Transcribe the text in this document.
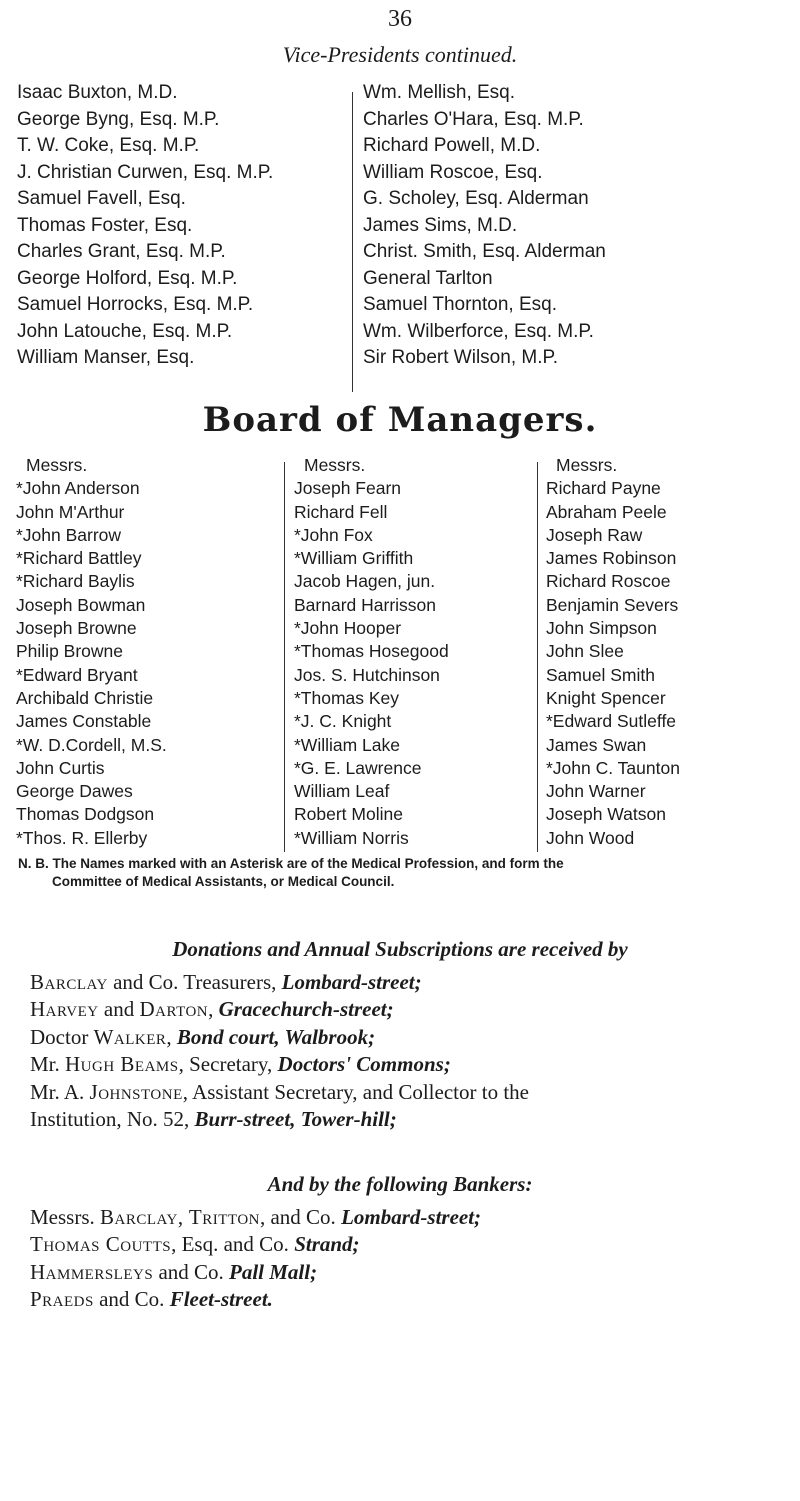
36
Vice-Presidents continued.
Isaac Buxton, M.D.
George Byng, Esq. M.P.
T. W. Coke, Esq. M.P.
J. Christian Curwen, Esq. M.P.
Samuel Favell, Esq.
Thomas Foster, Esq.
Charles Grant, Esq. M.P.
George Holford, Esq. M.P.
Samuel Horrocks, Esq. M.P.
John Latouche, Esq. M.P.
William Manser, Esq.
Wm. Mellish, Esq.
Charles O'Hara, Esq. M.P.
Richard Powell, M.D.
William Roscoe, Esq.
G. Scholey, Esq. Alderman
James Sims, M.D.
Christ. Smith, Esq. Alderman
General Tarlton
Samuel Thornton, Esq.
Wm. Wilberforce, Esq. M.P.
Sir Robert Wilson, M.P.
Board of Managers.
Messrs.
*John Anderson
John M'Arthur
*John Barrow
*Richard Battley
*Richard Baylis
Joseph Bowman
Joseph Browne
Philip Browne
*Edward Bryant
Archibald Christie
James Constable
*W. D.Cordell, M.S.
John Curtis
George Dawes
Thomas Dodgson
*Thos. R. Ellerby
Messrs.
Joseph Fearn
Richard Fell
*John Fox
*William Griffith
Jacob Hagen, jun.
Barnard Harrisson
*John Hooper
*Thomas Hosegood
Jos. S. Hutchinson
*Thomas Key
*J. C. Knight
*William Lake
*G. E. Lawrence
William Leaf
Robert Moline
*William Norris
Messrs.
Richard Payne
Abraham Peele
Joseph Raw
James Robinson
Richard Roscoe
Benjamin Severs
John Simpson
John Slee
Samuel Smith
Knight Spencer
*Edward Sutleffe
James Swan
*John C. Taunton
John Warner
Joseph Watson
John Wood
N. B. The Names marked with an Asterisk are of the Medical Profession, and form the
Committee of Medical Assistants, or Medical Council.
Donations and Annual Subscriptions are received by
Barclay and Co. Treasurers, Lombard-street;
Harvey and Darton, Gracechurch-street;
Doctor Walker, Bond court, Walbrook;
Mr. Hugh Beams, Secretary, Doctors' Commons;
Mr. A. Johnstone, Assistant Secretary, and Collector to the
Institution, No. 52, Burr-street, Tower-hill;
And by the following Bankers:
Messrs. Barclay, Tritton, and Co. Lombard-street;
Thomas Coutts, Esq. and Co. Strand;
Hammersleys and Co. Pall Mall;
Praeds and Co. Fleet-street.
